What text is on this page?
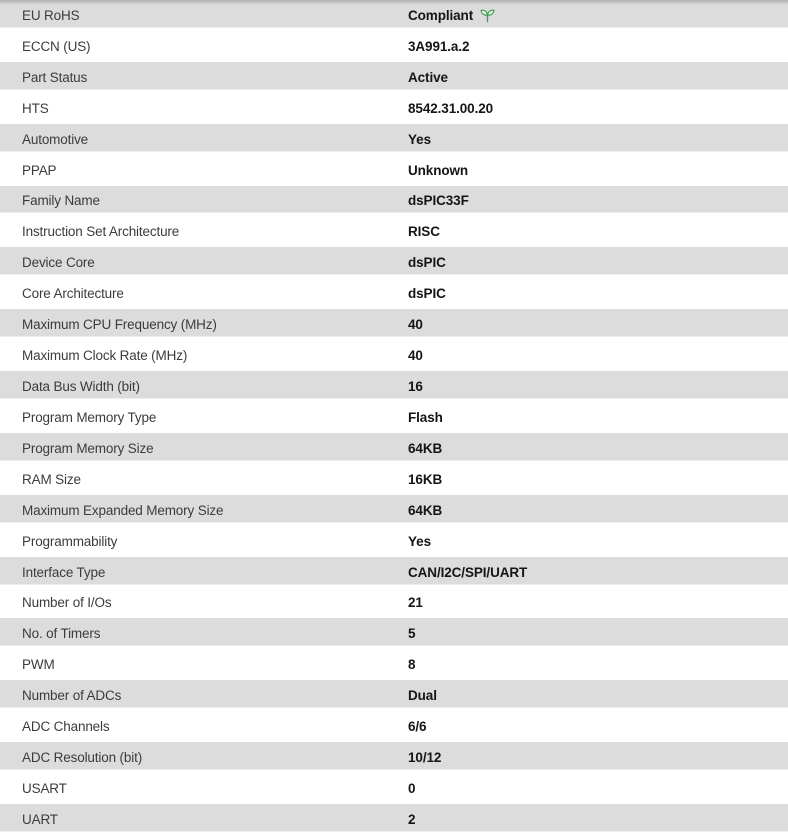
EU RoHS	Compliant
ECCN (US)	3A991.a.2
Part Status	Active
HTS	8542.31.00.20
Automotive	Yes
PPAP	Unknown
Family Name	dsPIC33F
Instruction Set Architecture	RISC
Device Core	dsPIC
Core Architecture	dsPIC
Maximum CPU Frequency (MHz)	40
Maximum Clock Rate (MHz)	40
Data Bus Width (bit)	16
Program Memory Type	Flash
Program Memory Size	64KB
RAM Size	16KB
Maximum Expanded Memory Size	64KB
Programmability	Yes
Interface Type	CAN/I2C/SPI/UART
Number of I/Os	21
No. of Timers	5
PWM	8
Number of ADCs	Dual
ADC Channels	6/6
ADC Resolution (bit)	10/12
USART	0
UART	2
